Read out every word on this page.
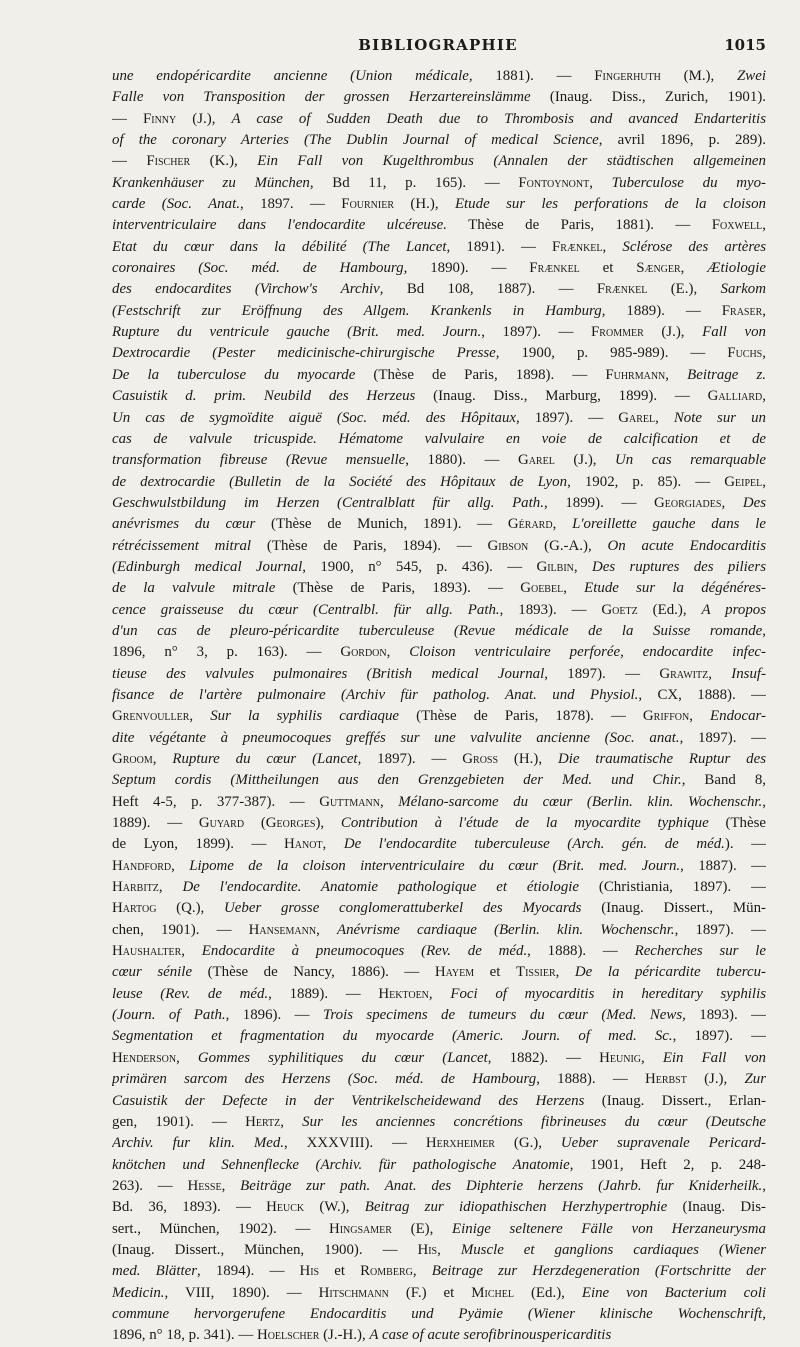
BIBLIOGRAPHIE	1015
une endopéricardite ancienne (Union médicale, 1881). — Fingerhuth (M.), Zwei
Falle von Transposition der grossen Herzartereinslämme (Inaug. Diss., Zurich, 1901).
— Finny (J.), A case of Sudden Death due to Thrombosis and avanced Endarteritis
of the coronary Arteries (The Dublin Journal of medical Science, avril 1896, p. 289).
— Fischer (K.), Ein Fall von Kugelthrombus (Annalen der städtischen allgemeinen
Krankenhäuser zu München, Bd 11, p. 165). — Fontoynont, Tuberculose du myo-
carde (Soc. Anat., 1897. — Fournier (H.), Etude sur les perforations de la cloison
interventriculaire dans l'endocardite ulcéreuse. Thèse de Paris, 1881). — Foxwell,
Etat du cœur dans la débilité (The Lancet, 1891). — Frænkel, Sclérose des artères
coronaires (Soc. méd. de Hambourg, 1890). — Frænkel et Sænger, Ætiologie
des endocardites (Virchow's Archiv, Bd 108, 1887). — Frænkel (E.), Sarkom
(Festschrift zur Eröffnung des Allgem. Krankenls in Hamburg, 1889). — Fraser,
Rupture du ventricule gauche (Brit. med. Journ., 1897). — Frommer (J.), Fall von
Dextrocardie (Pester medicinische-chirurgische Presse, 1900, p. 985-989). — Fuchs,
De la tuberculose du myocarde (Thèse de Paris, 1898). — Fuhrmann, Beitrage z.
Casuistik d. prim. Neubild des Herzeus (Inaug. Diss., Marburg, 1899). — Galliard,
Un cas de sygmoïdite aiguë (Soc. méd. des Hôpitaux, 1897). — Garel, Note sur un
cas de valvule tricuspide. Hématome valvulaire en voie de calcification et de
transformation fibreuse (Revue mensuelle, 1880). — Garel (J.), Un cas remarquable
de dextrocardie (Bulletin de la Société des Hôpitaux de Lyon, 1902, p. 85). — Geipel,
Geschwulstbildung im Herzen (Centralblatt für allg. Path., 1899). — Georgiades, Des
anévrismes du cœur (Thèse de Munich, 1891). — Gérard, L'oreillette gauche dans le
rétrécissement mitral (Thèse de Paris, 1894). — Gibson (G.-A.), On acute Endocarditis
(Edinburgh medical Journal, 1900, n° 545, p. 436). — Gilbin, Des ruptures des piliers
de la valvule mitrale (Thèse de Paris, 1893). — Goebel, Etude sur la dégénéres-
cence graisseuse du cœur (Centralbl. für allg. Path., 1893). — Goetz (Ed.), A propos
d'un cas de pleuro-péricardite tuberculeuse (Revue médicale de la Suisse romande,
1896, n° 3, p. 163). — Gordon, Cloison ventriculaire perforée, endocardite infec-
tieuse des valvules pulmonaires (British medical Journal, 1897). — Grawitz, Insuf-
fisance de l'artère pulmonaire (Archiv für patholog. Anat. und Physiol., CX, 1888). —
Grenvouller, Sur la syphilis cardiaque (Thèse de Paris, 1878). — Griffon, Endocar-
dite végétante à pneumocoques greffés sur une valvulite ancienne (Soc. anat., 1897). —
Groom, Rupture du cœur (Lancet, 1897). — Gross (H.), Die traumatische Ruptur des
Septum cordis (Mittheilungen aus den Grenzgebieten der Med. und Chir., Band 8,
Heft 4-5, p. 377-387). — Guttmann, Mélano-sarcome du cœur (Berlin. klin. Wochenschr.,
1889). — Guyard (Georges), Contribution à l'étude de la myocardite typhique (Thèse
de Lyon, 1899). — Hanot, De l'endocardite tuberculeuse (Arch. gén. de méd.). —
Handford, Lipome de la cloison interventriculaire du cœur (Brit. med. Journ., 1887). —
Harbitz, De l'endocardite. Anatomie pathologique et étiologie (Christiania, 1897). —
Hartog (Q.), Ueber grosse conglomerattuberkel des Myocards (Inaug. Dissert., Mün-
chen, 1901). — Hansemann, Anévrisme cardiaque (Berlin. klin. Wochenschr., 1897). —
Haushalter, Endocardite à pneumocoques (Rev. de méd., 1888). — Recherches sur le
cœur sénile (Thèse de Nancy, 1886). — Hayem et Tissier, De la péricardite tubercu-
leuse (Rev. de méd., 1889). — Hektoen, Foci of myocarditis in hereditary syphilis
(Journ. of Path., 1896). — Trois specimens de tumeurs du cœur (Med. News, 1893). —
Segmentation et fragmentation du myocarde (Americ. Journ. of med. Sc., 1897). —
Henderson, Gommes syphilitiques du cœur (Lancet, 1882). — Heunig, Ein Fall von
primären sarcom des Herzens (Soc. méd. de Hambourg, 1888). — Herbst (J.), Zur
Casuistik der Defecte in der Ventrikelscheidewand des Herzens (Inaug. Dissert., Erlan-
gen, 1901). — Hertz, Sur les anciennes concrétions fibrineuses du cœur (Deutsche
Archiv. fur klin. Med., XXXVIII). — Herxheimer (G.), Ueber supravenale Pericard-
knötchen und Sehnenflecke (Archiv. für pathologische Anatomie, 1901, Heft 2, p. 248-
263). — Hesse, Beiträge zur path. Anat. des Diphterie herzens (Jahrb. fur Kniderheilk.,
Bd. 36, 1893). — Heuck (W.), Beitrag zur idiopathischen Herzhypertrophie (Inaug. Dis-
sert., München, 1902). — Hingsamer (E), Einige seltenere Fälle von Herzaneurysma
(Inaug. Dissert., München, 1900). — His, Muscle et ganglions cardiaques (Wiener
med. Blätter, 1894). — His et Romberg, Beitrage zur Herzdegeneration (Fortschritte der
Medicin., VIII, 1890). — Hitschmann (F.) et Michel (Ed.), Eine von Bacterium coli
commune hervorgerufene Endocarditis und Pyämie (Wiener klinische Wochenschrift,
1896, n° 18, p. 341). — Hoelscher (J.-H.), A case of acute serofibrinouspericarditis
